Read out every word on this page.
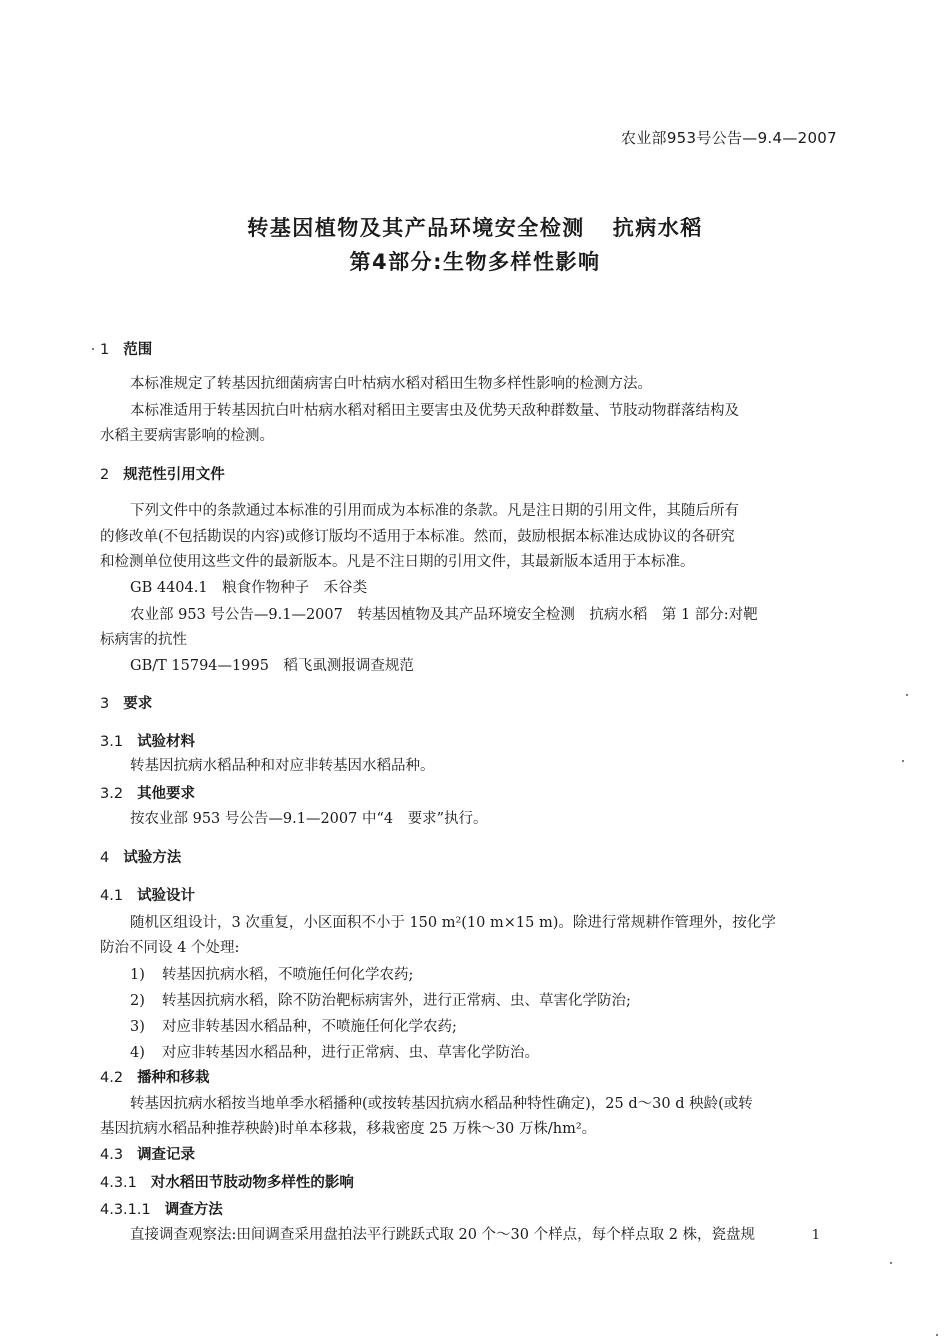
农业部953号公告—9.4—2007
转基因植物及其产品环境安全检测 抗病水稻
第4部分:生物多样性影响
1 范围
本标准规定了转基因抗细菌病害白叶枯病水稻对稻田生物多样性影响的检测方法。
本标准适用于转基因抗白叶枯病水稻对稻田主要害虫及优势天敌种群数量、节肢动物群落结构及
水稻主要病害影响的检测。
2 规范性引用文件
下列文件中的条款通过本标准的引用而成为本标准的条款。凡是注日期的引用文件，其随后所有
的修改单(不包括勘误的内容)或修订版均不适用于本标准。然而，鼓励根据本标准达成协议的各研究
和检测单位使用这些文件的最新版本。凡是不注日期的引用文件，其最新版本适用于本标准。
GB 4404.1　粮食作物种子　禾谷类
农业部 953 号公告—9.1—2007　转基因植物及其产品环境安全检测　抗病水稻　第 1 部分:对靶
标病害的抗性
GB/T 15794—1995　稻飞虱测报调查规范
3 要求
3.1 试验材料
转基因抗病水稻品种和对应非转基因水稻品种。
3.2 其他要求
按农业部 953 号公告—9.1—2007 中“4　要求”执行。
4 试验方法
4.1 试验设计
随机区组设计，3 次重复，小区面积不小于 150 m²(10 m×15 m)。除进行常规耕作管理外，按化学
防治不同设 4 个处理:
1) 转基因抗病水稻，不喷施任何化学农药;
2) 转基因抗病水稻，除不防治靶标病害外，进行正常病、虫、草害化学防治;
3) 对应非转基因水稻品种，不喷施任何化学农药;
4) 对应非转基因水稻品种，进行正常病、虫、草害化学防治。
4.2 播种和移栽
转基因抗病水稻按当地单季水稻播种(或按转基因抗病水稻品种特性确定)，25 d～30 d 秧龄(或转
基因抗病水稻品种推荐秧龄)时单本移栽，移栽密度 25 万株～30 万株/hm²。
4.3 调查记录
4.3.1 对水稻田节肢动物多样性的影响
4.3.1.1 调查方法
直接调查观察法:田间调查采用盘拍法平行跳跃式取 20 个～30 个样点，每个样点取 2 株，瓷盘规	1
